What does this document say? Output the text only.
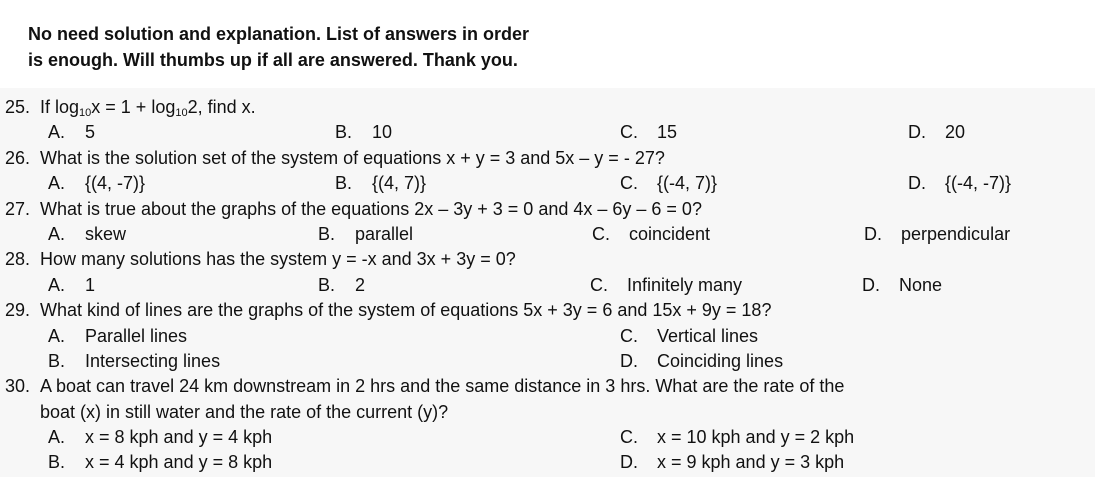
No need solution and explanation. List of answers in order
is enough. Will thumbs up if all are answered. Thank you.
25. If $\log_{10}x = 1 + \log_{10}2$, find x.
A. 5	B. 10	C. 15	D. 20
26. What is the solution set of the system of equations x + y = 3 and 5x – y = - 27?
A. {(4, -7)}	B. {(4, 7)}	C. {(-4, 7)}	D. {(-4, -7)}
27. What is true about the graphs of the equations 2x – 3y + 3 = 0 and 4x – 6y – 6 = 0?
A. skew	B. parallel	C. coincident	D. perpendicular
28. How many solutions has the system y = -x and 3x + 3y = 0?
A. 1	B. 2	C. Infinitely many	D. None
29. What kind of lines are the graphs of the system of equations 5x + 3y = 6 and 15x + 9y = 18?
A. Parallel lines	C. Vertical lines
B. Intersecting lines	D. Coinciding lines
30. A boat can travel 24 km downstream in 2 hrs and the same distance in 3 hrs. What are the rate of the
boat (x) in still water and the rate of the current (y)?
A. x = 8 kph and y = 4 kph	C. x = 10 kph and y = 2 kph
B. x = 4 kph and y = 8 kph	D. x = 9 kph and y = 3 kph
